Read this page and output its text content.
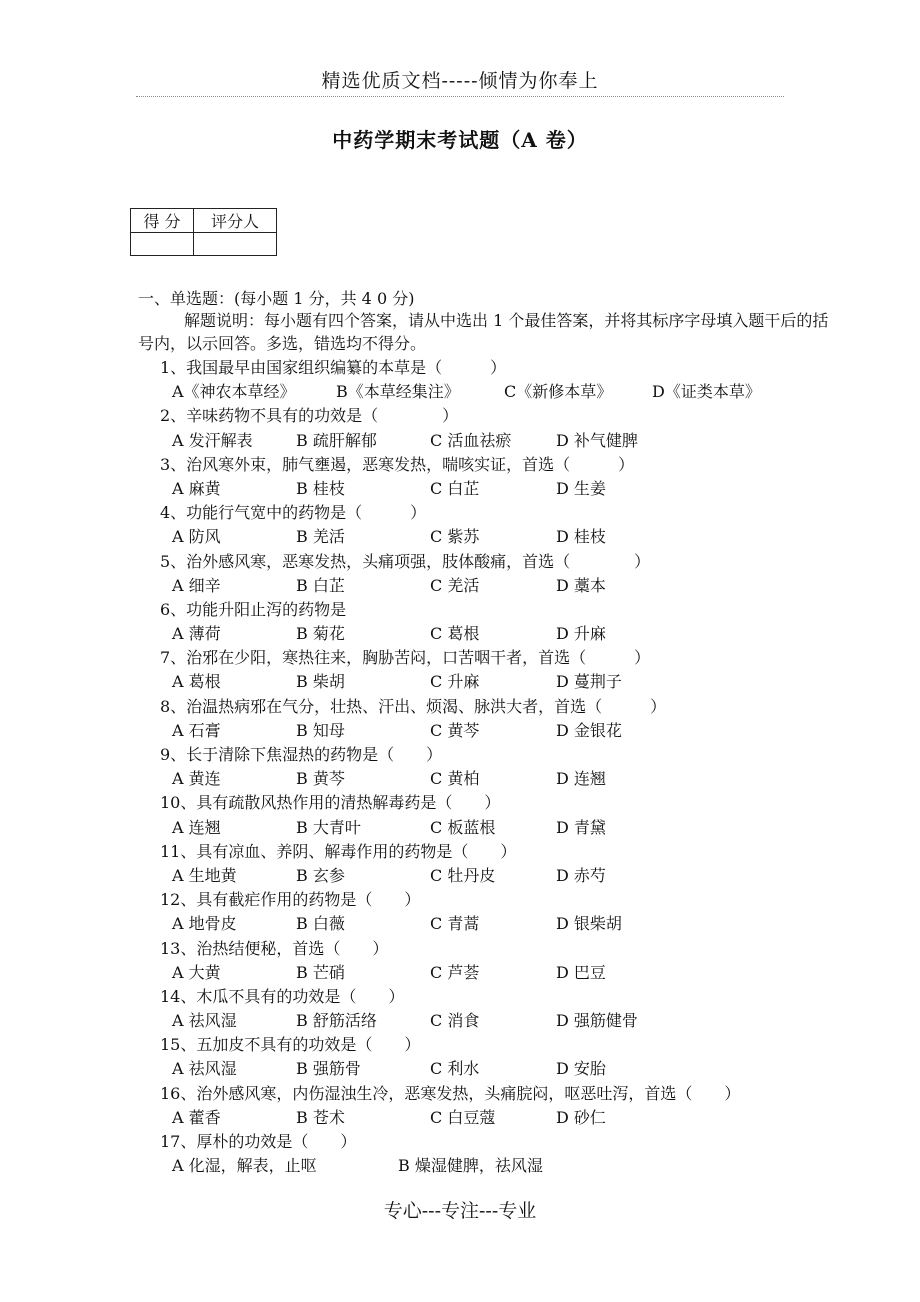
精选优质文档-----倾情为你奉上
中药学期末考试题（A 卷）
得 分	评分人

一、单选题：(每小题 1 分，共 4 0 分)
解题说明：每小题有四个答案，请从中选出 1 个最佳答案，并将其标序字母填入题干后的括号内，以示回答。多选，错选均不得分。
1、我国最早由国家组织编纂的本草是（　　　）
A《神农本草经》	B《本草经集注》	C《新修本草》 D《证类本草》
2、辛味药物不具有的功效是（　　　　）
A 发汗解表	B 疏肝解郁	C 活血祛瘀	D 补气健脾
3、治风寒外束，肺气壅遏，恶寒发热，喘咳实证，首选（　　　）
A 麻黄	B 桂枝	C 白芷	D 生姜
4、功能行气宽中的药物是（　　　）
A 防风	B 羌活	C 紫苏	D 桂枝
5、治外感风寒，恶寒发热，头痛项强，肢体酸痛，首选（　　　　）
A 细辛	B 白芷	C 羌活	D 藁本
6、功能升阳止泻的药物是
A 薄荷	B 菊花	C 葛根	D 升麻
7、治邪在少阳，寒热往来，胸胁苦闷，口苦咽干者，首选（　　　）
A 葛根	B 柴胡	C 升麻	D 蔓荆子
8、治温热病邪在气分，壮热、汗出、烦渴、脉洪大者，首选（　　　）
A 石膏	B 知母	C 黄芩	D 金银花
9、长于清除下焦湿热的药物是（　　）
A 黄连	B 黄芩	C 黄柏	D 连翘
10、具有疏散风热作用的清热解毒药是（　　）
A 连翘	B 大青叶	C 板蓝根	D 青黛
11、具有凉血、养阴、解毒作用的药物是（　　）
A 生地黄	B 玄参	C 牡丹皮	D 赤芍
12、具有截疟作用的药物是（　　）
A 地骨皮	B 白薇	C 青蒿	D 银柴胡
13、治热结便秘，首选（　　）
A 大黄	B 芒硝	C 芦荟	D 巴豆
14、木瓜不具有的功效是（　　）
A 祛风湿	B 舒筋活络	C 消食	D 强筋健骨
15、五加皮不具有的功效是（　　）
A 祛风湿	B 强筋骨	C 利水	D 安胎
16、治外感风寒，内伤湿浊生冷，恶寒发热，头痛脘闷，呕恶吐泻，首选（　　）
A 藿香	B 苍术	C 白豆蔻	D 砂仁
17、厚朴的功效是（　　）
A 化湿，解表，止呕	B 燥湿健脾，祛风湿
专心---专注---专业
